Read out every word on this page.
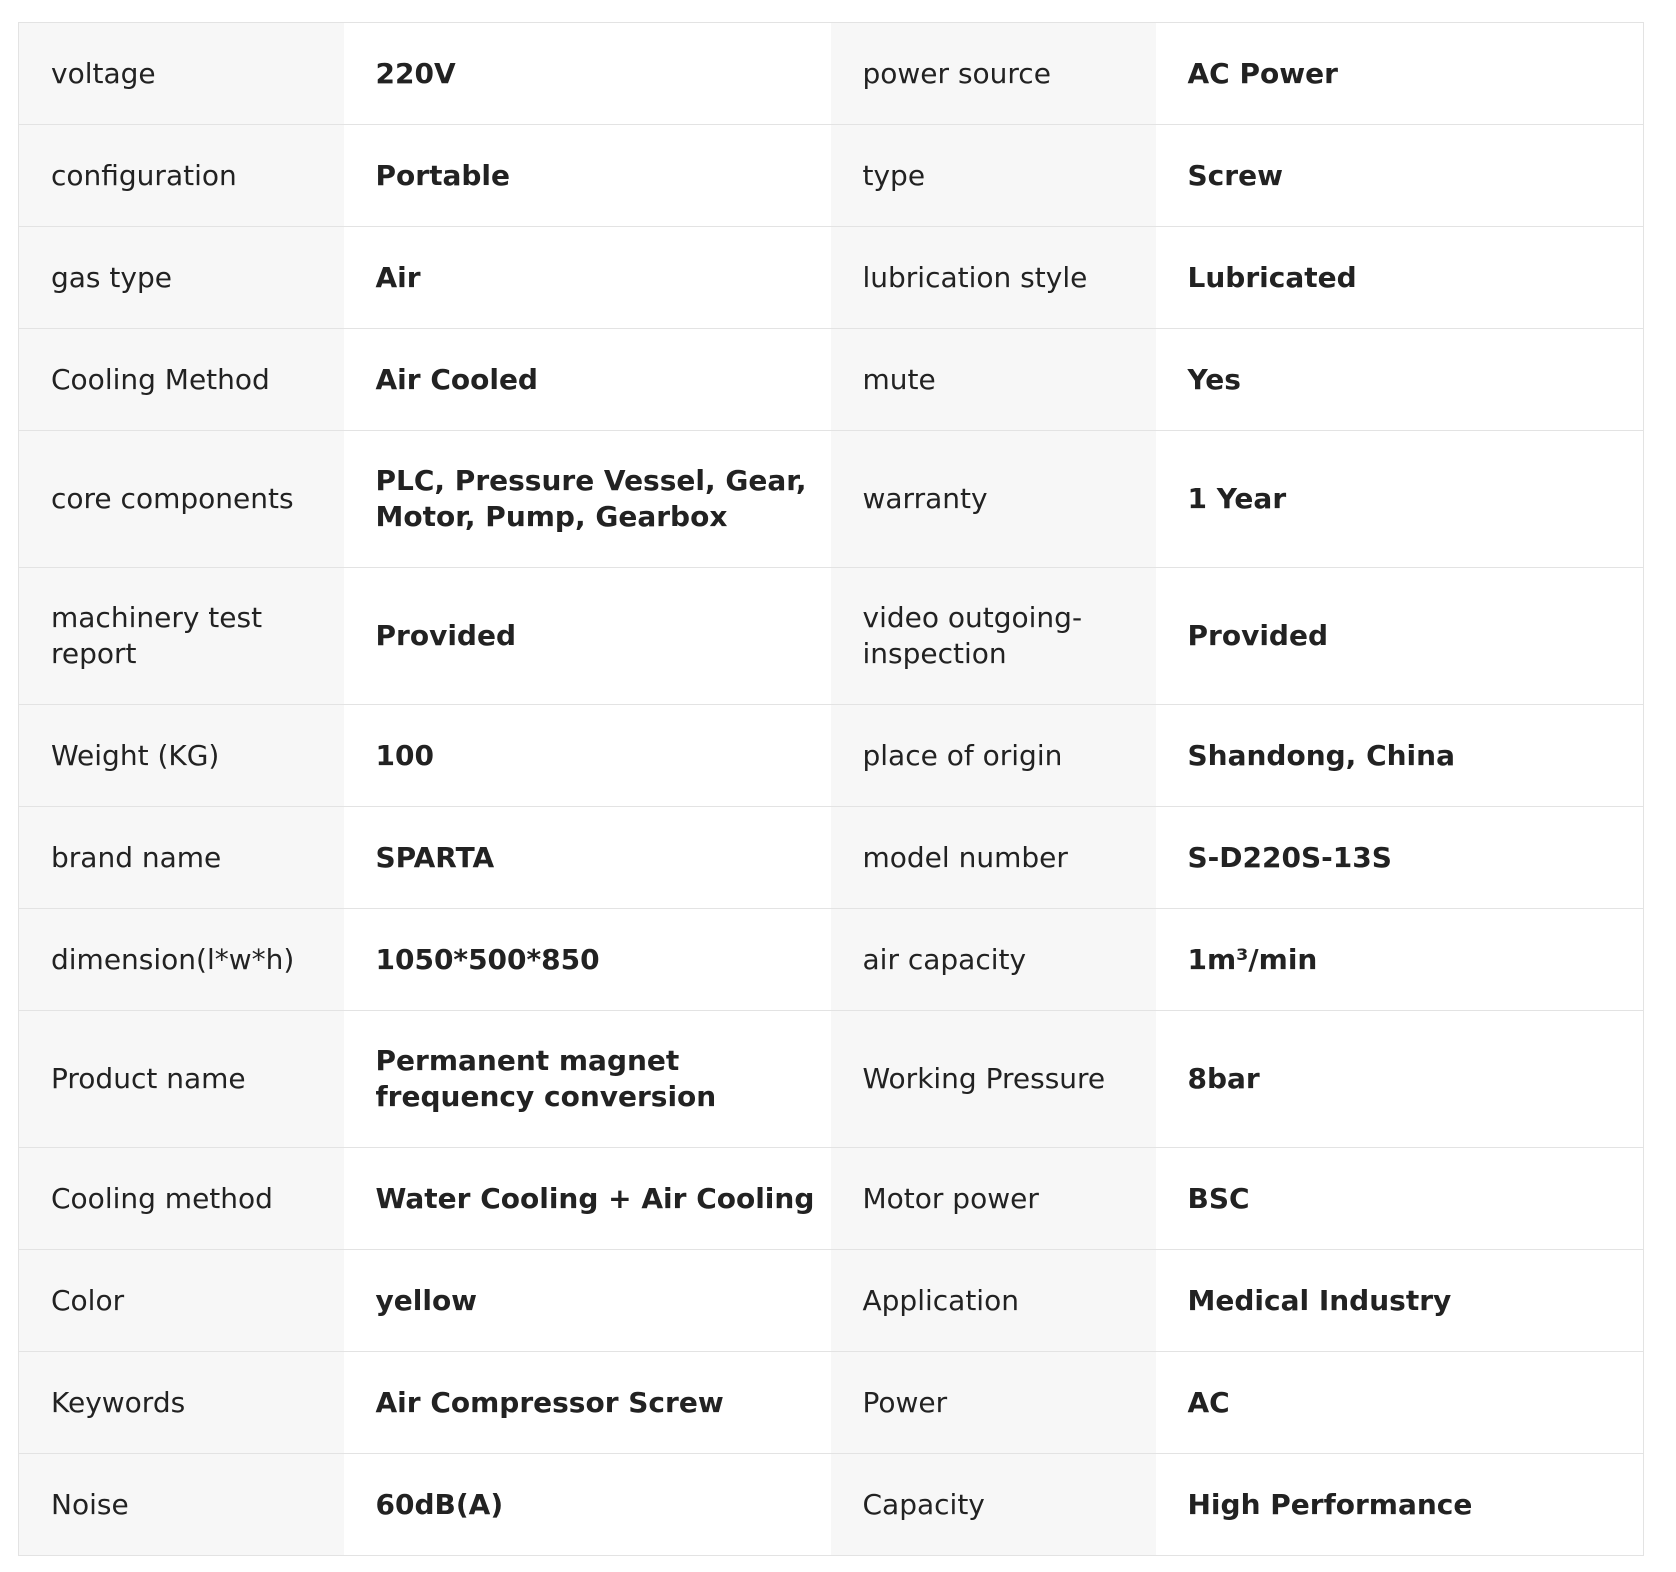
voltage	220V	power source	AC Power
configuration	Portable	type	Screw
gas type	Air	lubrication style	Lubricated
Cooling Method	Air Cooled	mute	Yes
core components	PLC, Pressure Vessel, Gear, Motor, Pump, Gearbox	warranty	1 Year
machinery test report	Provided	video outgoing-inspection	Provided
Weight (KG)	100	place of origin	Shandong, China
brand name	SPARTA	model number	S-D220S-13S
dimension(l*w*h)	1050*500*850	air capacity	1m³/min
Product name	Permanent magnet frequency conversion	Working Pressure	8bar
Cooling method	Water Cooling + Air Cooling	Motor power	BSC
Color	yellow	Application	Medical Industry
Keywords	Air Compressor Screw	Power	AC
Noise	60dB(A)	Capacity	High Performance
